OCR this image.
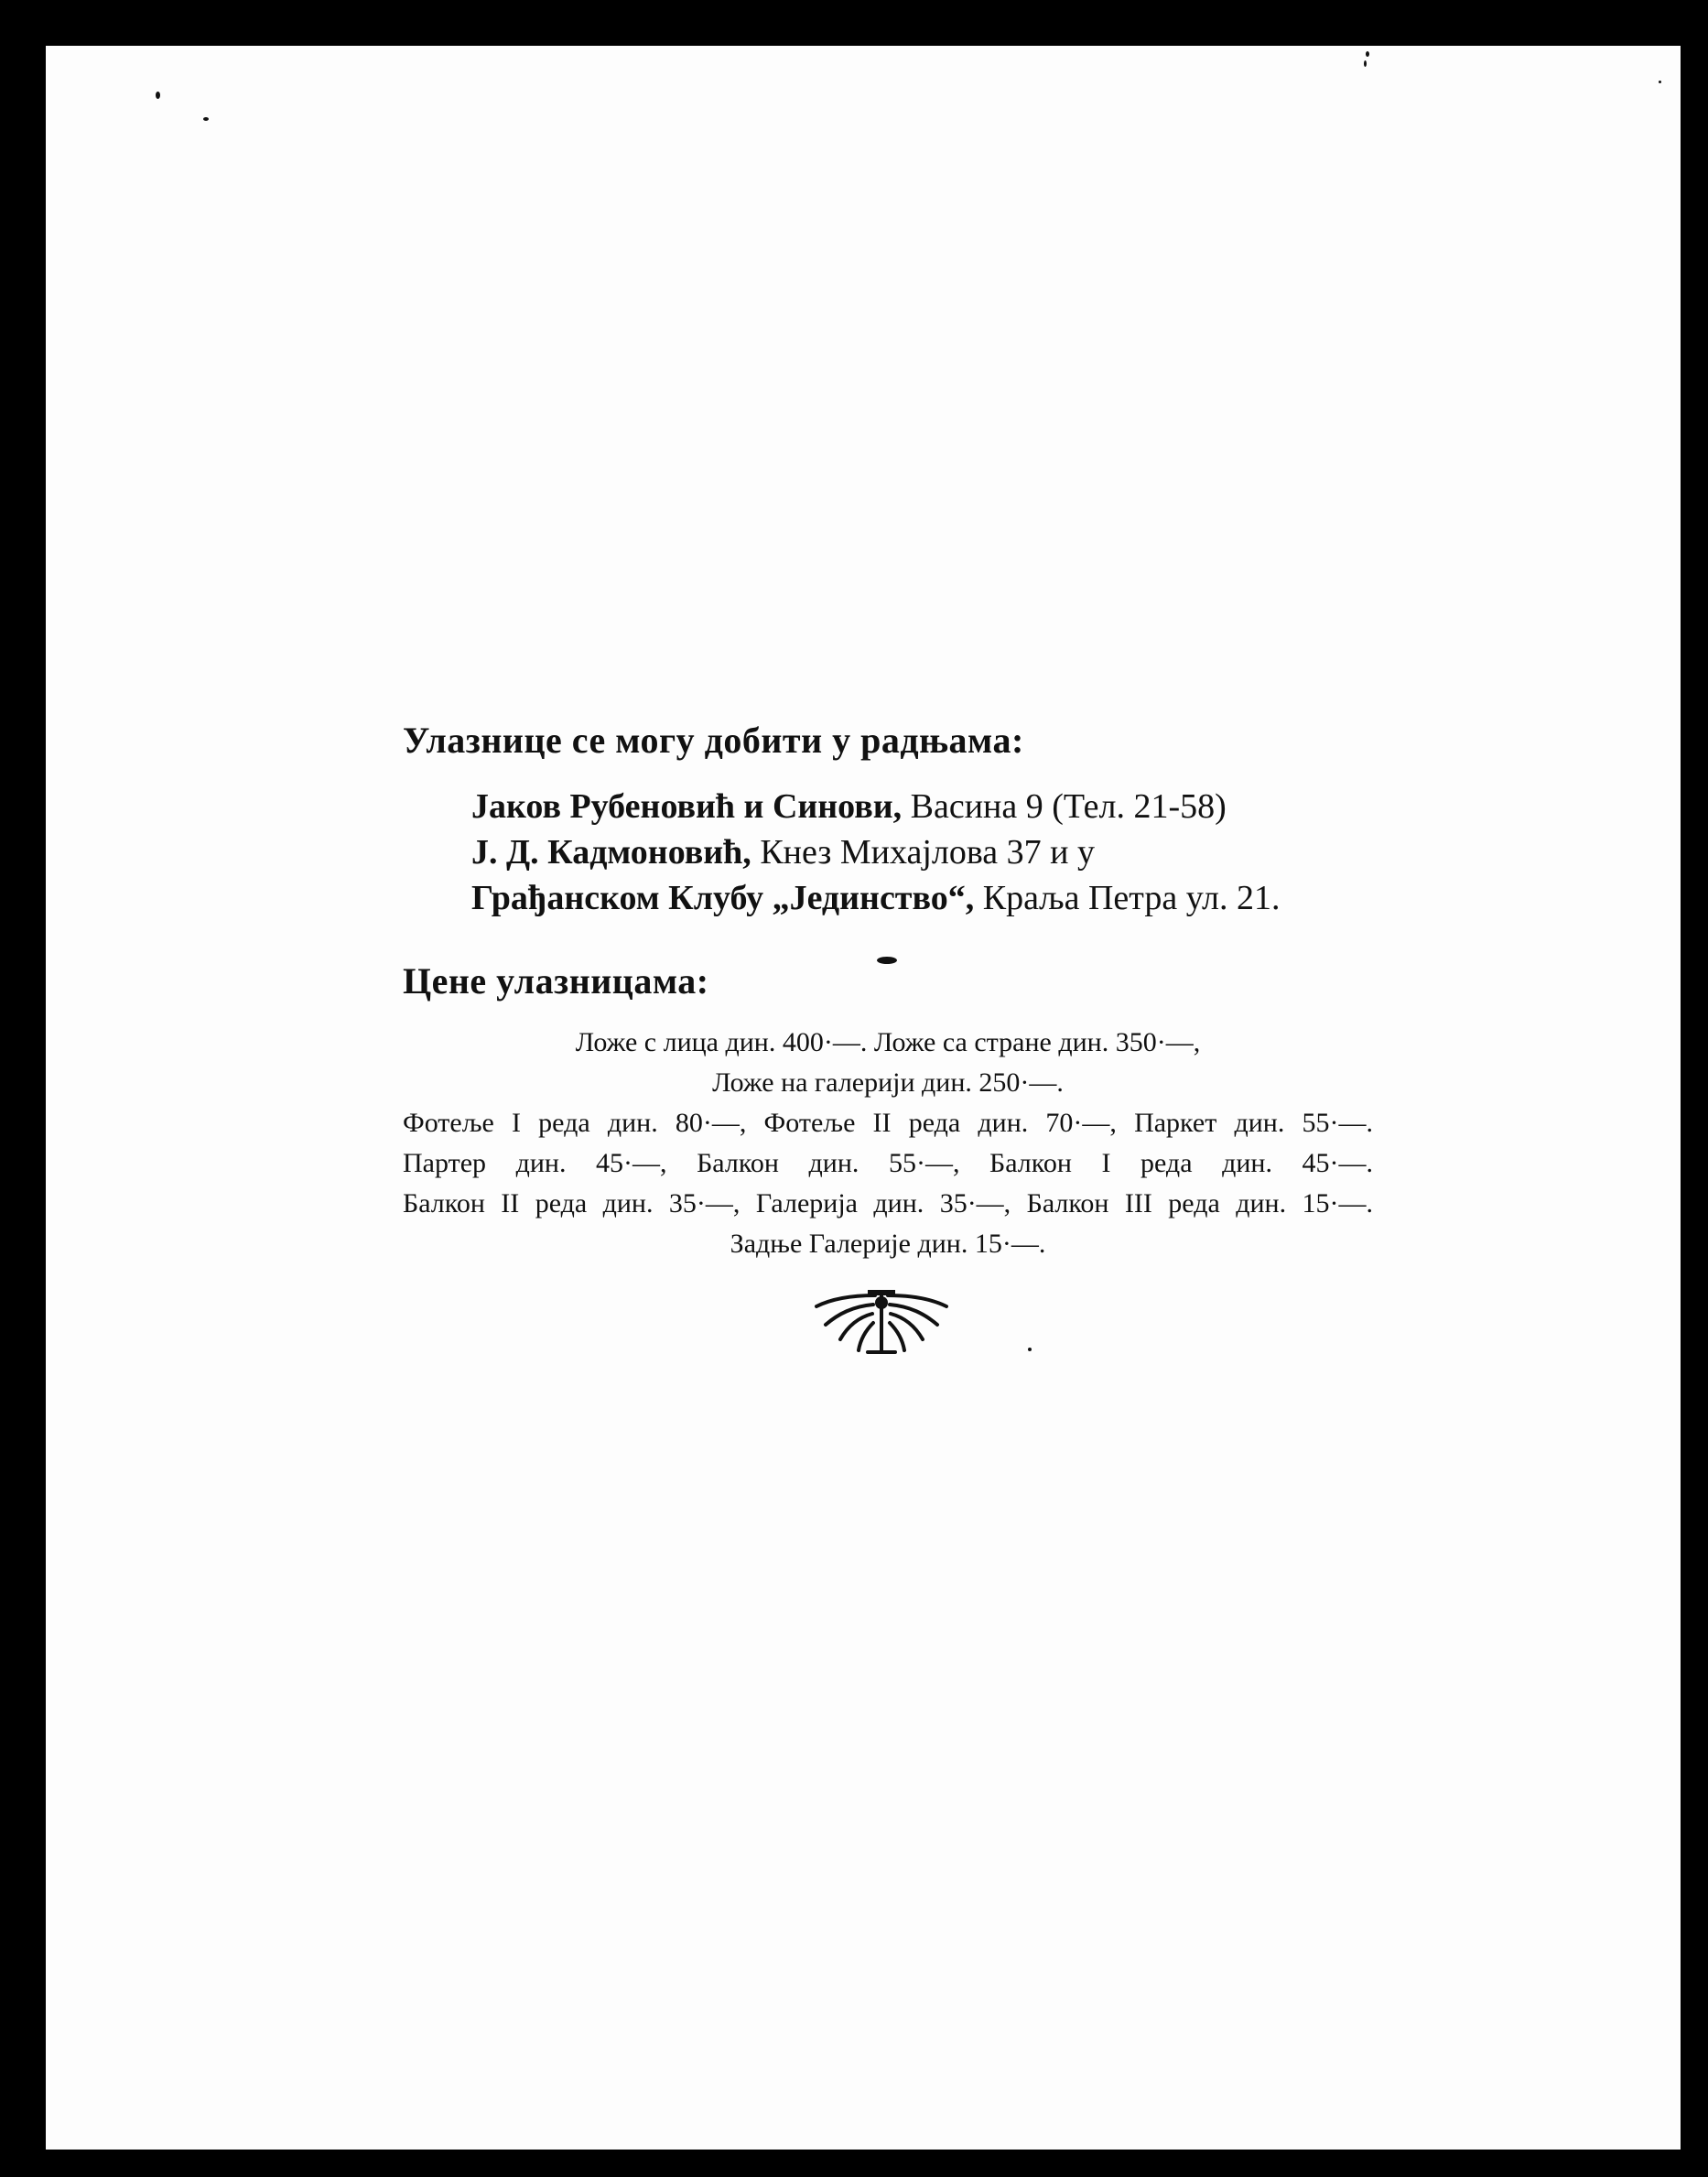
Улазнице се могу добити у радњама:

Јаков Рубеновић и Синови, Васина 9 (Тел. 21-58)
Ј. Д. Кадмоновић, Кнез Михајлова 37 и у
Грађанском Клубу „Јединство“, Краља Петра ул. 21.

Цене улазницама:

Ложе с лица дин. 400·—. Ложе са стране дин. 350·—,
Ложе на галерији дин. 250·—.
Фотеље I реда дин. 80·—, Фотеље II реда дин. 70·—, Паркет дин. 55·—.
Партер дин. 45·—, Балкон дин. 55·—, Балкон I реда дин. 45·—.
Балкон II реда дин. 35·—, Галерија дин. 35·—, Балкон III реда дин. 15·—.
Задње Галерије дин. 15·—.
